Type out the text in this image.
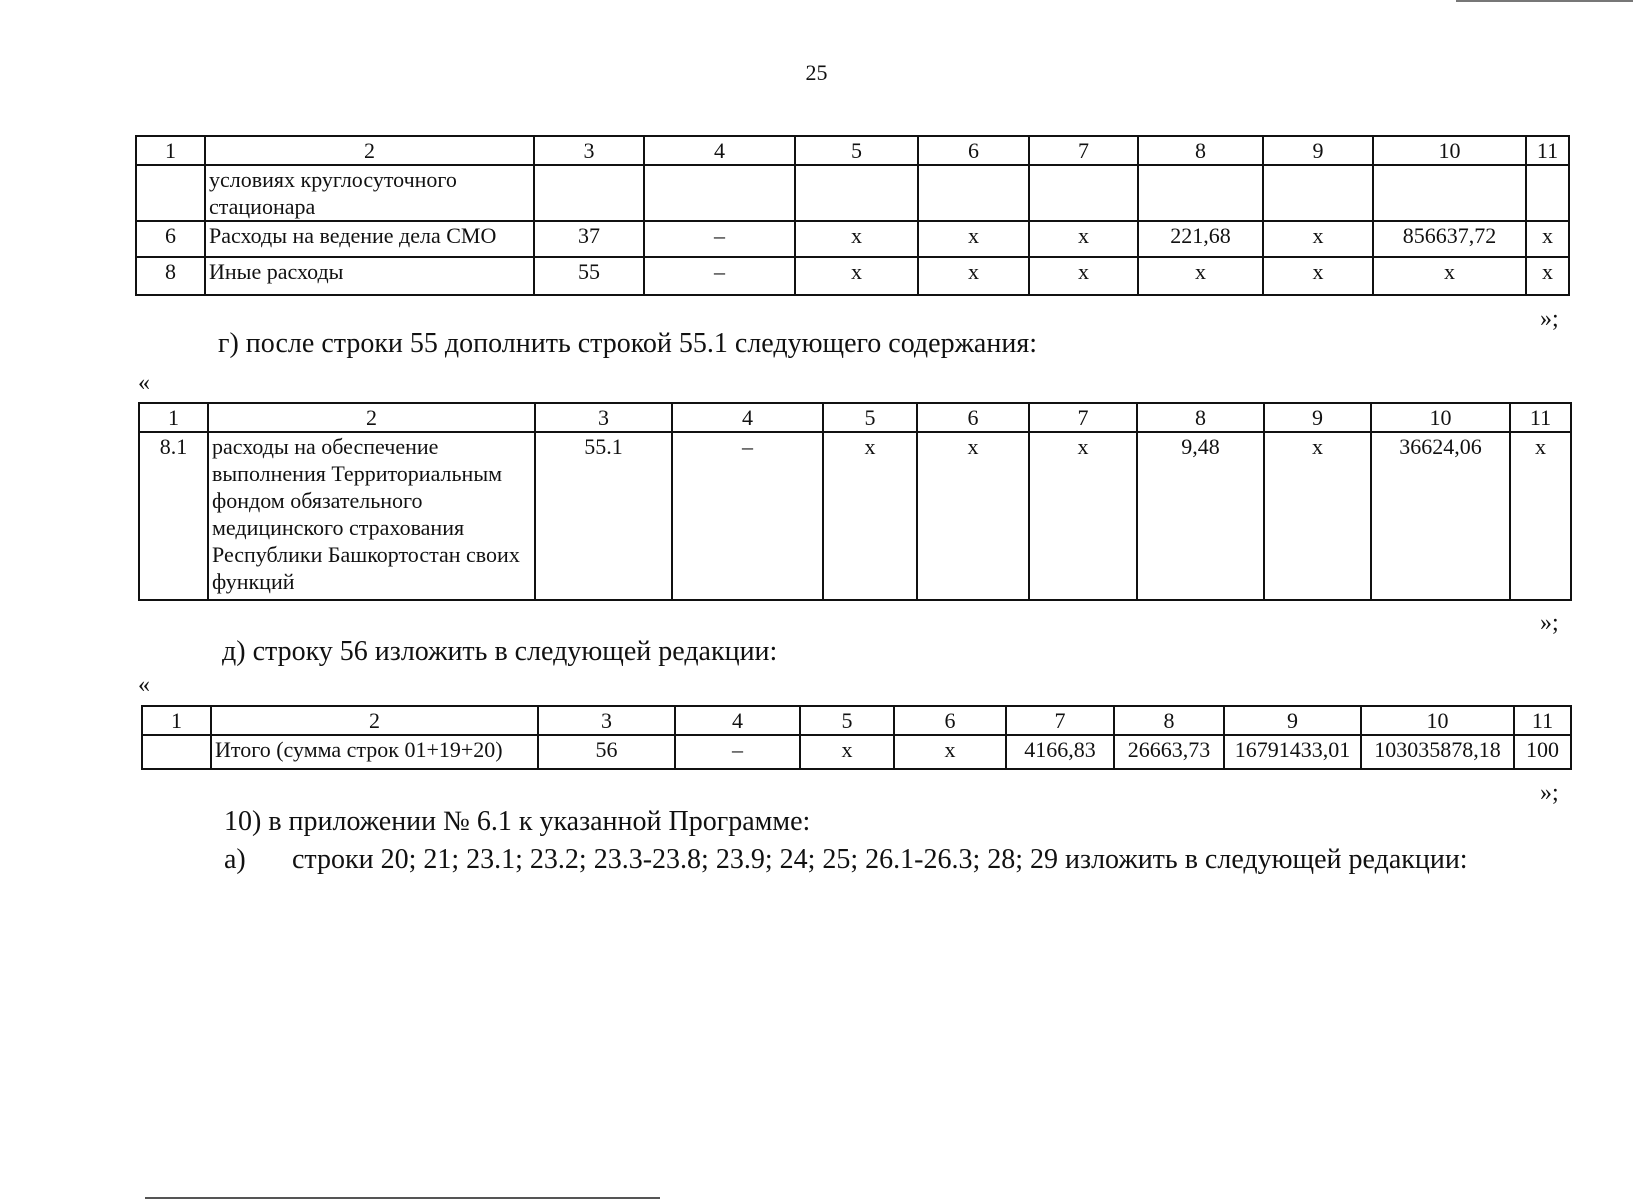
25
1	2	3	4	5	6	7	8	9	10	11
	условиях круглосуточного стационара									
6	Расходы на ведение дела СМО	37	–	х	х	х	221,68	х	856637,72	х
8	Иные расходы	55	–	х	х	х	х	х	х	х
»;
г) после строки 55 дополнить строкой 55.1 следующего содержания:
«
1	2	3	4	5	6	7	8	9	10	11
8.1	расходы на обеспечение выполнения Территориальным фондом обязательного медицинского страхования Республики Башкортостан своих функций	55.1	–	х	х	х	9,48	х	36624,06	х
»;
д) строку 56 изложить в следующей редакции:
«
1	2	3	4	5	6	7	8	9	10	11
	Итого (сумма строк 01+19+20)	56	–	х	х	4166,83	26663,73	16791433,01	103035878,18	100
»;
10) в приложении № 6.1 к указанной Программе:
а) строки 20; 21; 23.1; 23.2; 23.3-23.8; 23.9; 24; 25; 26.1-26.3; 28; 29 изложить в следующей редакции:
